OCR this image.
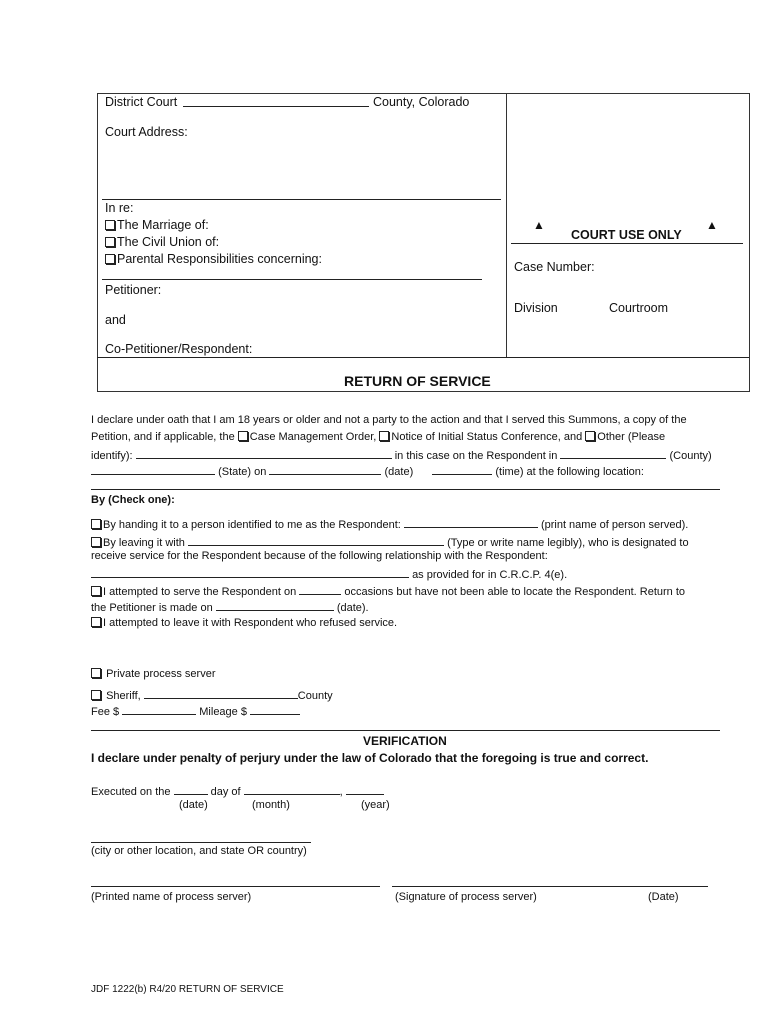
District Court	County, Colorado
Court Address:
In re:
The Marriage of:
The Civil Union of:
Parental Responsibilities concerning:
Petitioner:
and
Co-Petitioner/Respondent:
▲	▲
COURT USE ONLY
Case Number:
Division	Courtroom
RETURN OF SERVICE
I declare under oath that I am 18 years or older and not a party to the action and that I served this Summons, a copy of the
Petition, and if applicable, the Case Management Order, Notice of Initial Status Conference, and Other (Please
identify):	in this case on the Respondent in	(County)
(State) on	(date)	(time) at the following location:
By (Check one):
By handing it to a person identified to me as the Respondent:	(print name of person served).
By leaving it with	(Type or write name legibly), who is designated to
receive service for the Respondent because of the following relationship with the Respondent:
as provided for in C.R.C.P. 4(e).
I attempted to serve the Respondent on	occasions but have not been able to locate the Respondent. Return to
the Petitioner is made on	(date).
I attempted to leave it with Respondent who refused service.
Private process server
Sheriff,	County
Fee $	Mileage $
VERIFICATION
I declare under penalty of perjury under the law of Colorado that the foregoing is true and correct.
Executed on the	day of	,
(date)	(month)	(year)
(city or other location, and state OR country)
(Printed name of process server)	(Signature of process server)	(Date)
JDF 1222(b) R4/20 RETURN OF SERVICE
